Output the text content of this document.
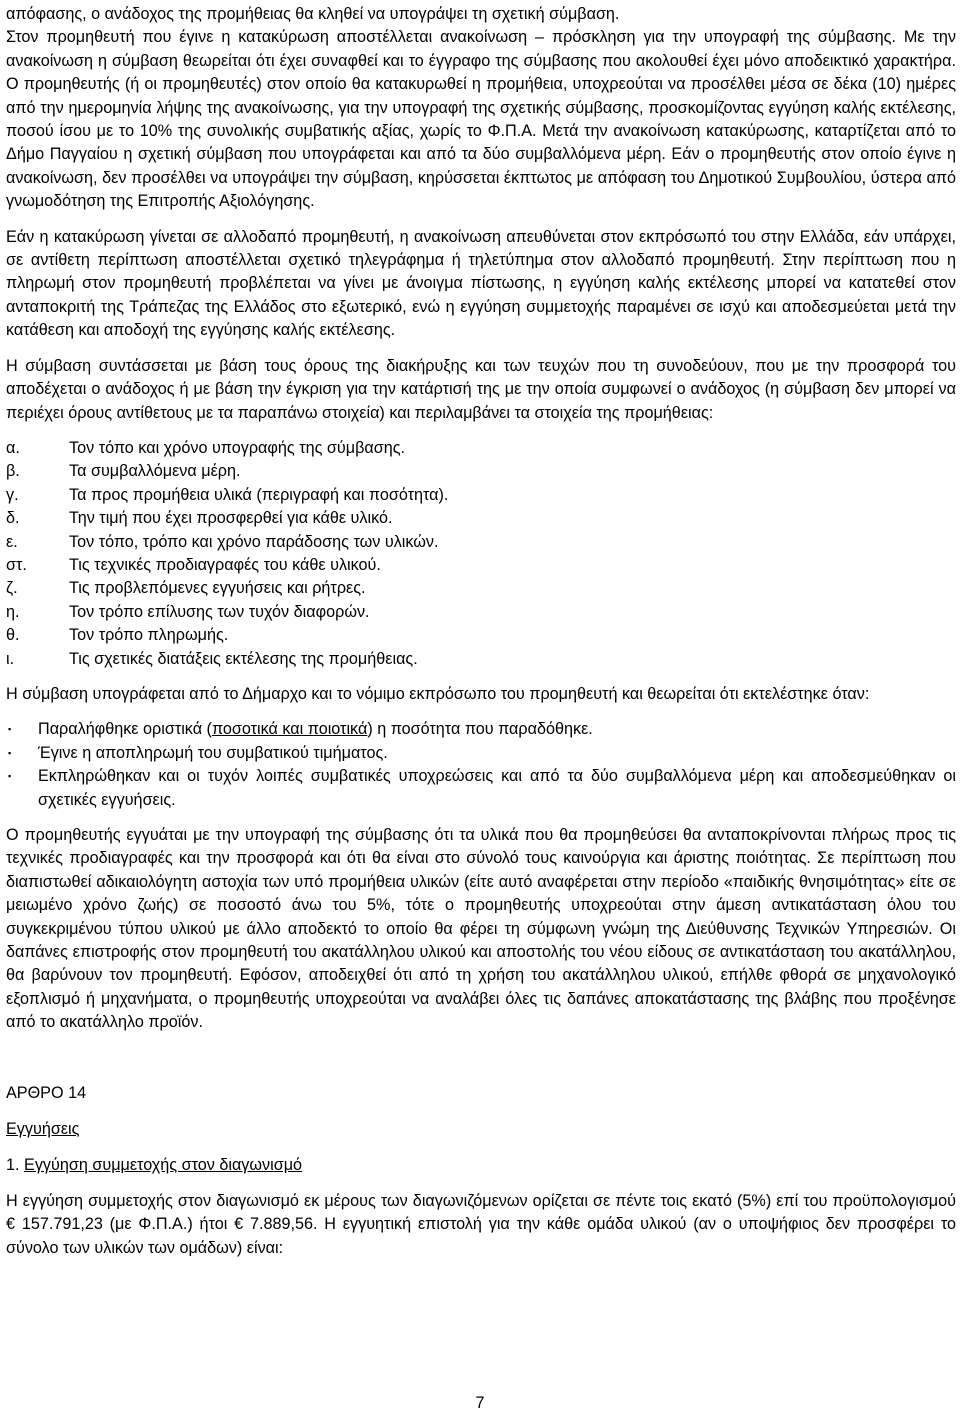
απόφασης, ο ανάδοχος της προμήθειας θα κληθεί να υπογράψει τη σχετική σύμβαση.

Στον προμηθευτή που έγινε η κατακύρωση αποστέλλεται ανακοίνωση – πρόσκληση για την υπογραφή της σύμβασης. Με την ανακοίνωση η σύμβαση θεωρείται ότι έχει συναφθεί και το έγγραφο της σύμβασης που ακολουθεί έχει μόνο αποδεικτικό χαρακτήρα. Ο προμηθευτής (ή οι προμηθευτές) στον οποίο θα κατακυρωθεί η προμήθεια, υποχρεούται να προσέλθει μέσα σε δέκα (10) ημέρες από την ημερομηνία λήψης της ανακοίνωσης, για την υπογραφή της σχετικής σύμβασης, προσκομίζοντας εγγύηση καλής εκτέλεσης, ποσού ίσου με το 10% της συνολικής συμβατικής αξίας, χωρίς το Φ.Π.Α. Μετά την ανακοίνωση κατακύρωσης, καταρτίζεται από το Δήμο Παγγαίου η σχετική σύμβαση που υπογράφεται και από τα δύο συμβαλλόμενα μέρη. Εάν ο προμηθευτής στον οποίο έγινε η ανακοίνωση, δεν προσέλθει να υπογράψει την σύμβαση, κηρύσσεται έκπτωτος με απόφαση του Δημοτικού Συμβουλίου, ύστερα από γνωμοδότηση της Επιτροπής Αξιολόγησης.

Εάν η κατακύρωση γίνεται σε αλλοδαπό προμηθευτή, η ανακοίνωση απευθύνεται στον εκπρόσωπό του στην Ελλάδα, εάν υπάρχει, σε αντίθετη περίπτωση αποστέλλεται σχετικό τηλεγράφημα ή τηλετύπημα στον αλλοδαπό προμηθευτή. Στην περίπτωση που η πληρωμή στον προμηθευτή προβλέπεται να γίνει με άνοιγμα πίστωσης, η εγγύηση καλής εκτέλεσης μπορεί να κατατεθεί στον ανταποκριτή της Τράπεζας της Ελλάδος στο εξωτερικό, ενώ η εγγύηση συμμετοχής παραμένει σε ισχύ και αποδεσμεύεται μετά την κατάθεση και αποδοχή της εγγύησης καλής εκτέλεσης.

Η σύμβαση συντάσσεται με βάση τους όρους της διακήρυξης και των τευχών που τη συνοδεύουν, που με την προσφορά του αποδέχεται ο ανάδοχος ή με βάση την έγκριση για την κατάρτισή της με την οποία συμφωνεί ο ανάδοχος (η σύμβαση δεν μπορεί να περιέχει όρους αντίθετους με τα παραπάνω στοιχεία) και περιλαμβάνει τα στοιχεία της προμήθειας:

α.	Τον τόπο και χρόνο υπογραφής της σύμβασης.
β.	Τα συμβαλλόμενα μέρη.
γ.	Τα προς προμήθεια υλικά (περιγραφή και ποσότητα).
δ.	Την τιμή που έχει προσφερθεί για κάθε υλικό.
ε.	Τον τόπο, τρόπο και χρόνο παράδοσης των υλικών.
στ.	Τις τεχνικές προδιαγραφές του κάθε υλικού.
ζ.	Τις προβλεπόμενες εγγυήσεις και ρήτρες.
η.	Τον τρόπο επίλυσης των τυχόν διαφορών.
θ.	Τον τρόπο πληρωμής.
ι.	Τις σχετικές διατάξεις εκτέλεσης της προμήθειας.

Η σύμβαση υπογράφεται από το Δήμαρχο και το νόμιμο εκπρόσωπο του προμηθευτή και θεωρείται ότι εκτελέστηκε όταν:

▪	Παραλήφθηκε οριστικά (ποσοτικά και ποιοτικά) η ποσότητα που παραδόθηκε.
▪	Έγινε η αποπληρωμή του συμβατικού τιμήματος.
▪	Εκπληρώθηκαν και οι τυχόν λοιπές συμβατικές υποχρεώσεις και από τα δύο συμβαλλόμενα μέρη και αποδεσμεύθηκαν οι σχετικές εγγυήσεις.

Ο προμηθευτής εγγυάται με την υπογραφή της σύμβασης ότι τα υλικά που θα προμηθεύσει θα ανταποκρίνονται πλήρως προς τις τεχνικές προδιαγραφές και την προσφορά και ότι θα είναι στο σύνολό τους καινούργια και άριστης ποιότητας. Σε περίπτωση που διαπιστωθεί αδικαιολόγητη αστοχία των υπό προμήθεια υλικών (είτε αυτό αναφέρεται στην περίοδο «παιδικής θνησιμότητας» είτε σε μειωμένο χρόνο ζωής) σε ποσοστό άνω του 5%, τότε ο προμηθευτής υποχρεούται στην άμεση αντικατάσταση όλου του συγκεκριμένου τύπου υλικού με άλλο αποδεκτό το οποίο θα φέρει τη σύμφωνη γνώμη της Διεύθυνσης Τεχνικών Υπηρεσιών. Οι δαπάνες επιστροφής στον προμηθευτή του ακατάλληλου υλικού και αποστολής του νέου είδους σε αντικατάσταση του ακατάλληλου, θα βαρύνουν τον προμηθευτή. Εφόσον, αποδειχθεί ότι από τη χρήση του ακατάλληλου υλικού, επήλθε φθορά σε μηχανολογικό εξοπλισμό ή μηχανήματα, ο προμηθευτής υποχρεούται να αναλάβει όλες τις δαπάνες αποκατάστασης της βλάβης που προξένησε από το ακατάλληλο προϊόν.

ΑΡΘΡΟ 14

Εγγυήσεις

1. Εγγύηση συμμετοχής στον διαγωνισμό

Η εγγύηση συμμετοχής στον διαγωνισμό εκ μέρους των διαγωνιζόμενων ορίζεται σε πέντε τοις εκατό (5%) επί του προϋπολογισμού € 157.791,23 (με Φ.Π.Α.) ήτοι € 7.889,56. Η εγγυητική επιστολή για την κάθε ομάδα υλικού (αν ο υποψήφιος δεν προσφέρει το σύνολο των υλικών των ομάδων) είναι:

7
